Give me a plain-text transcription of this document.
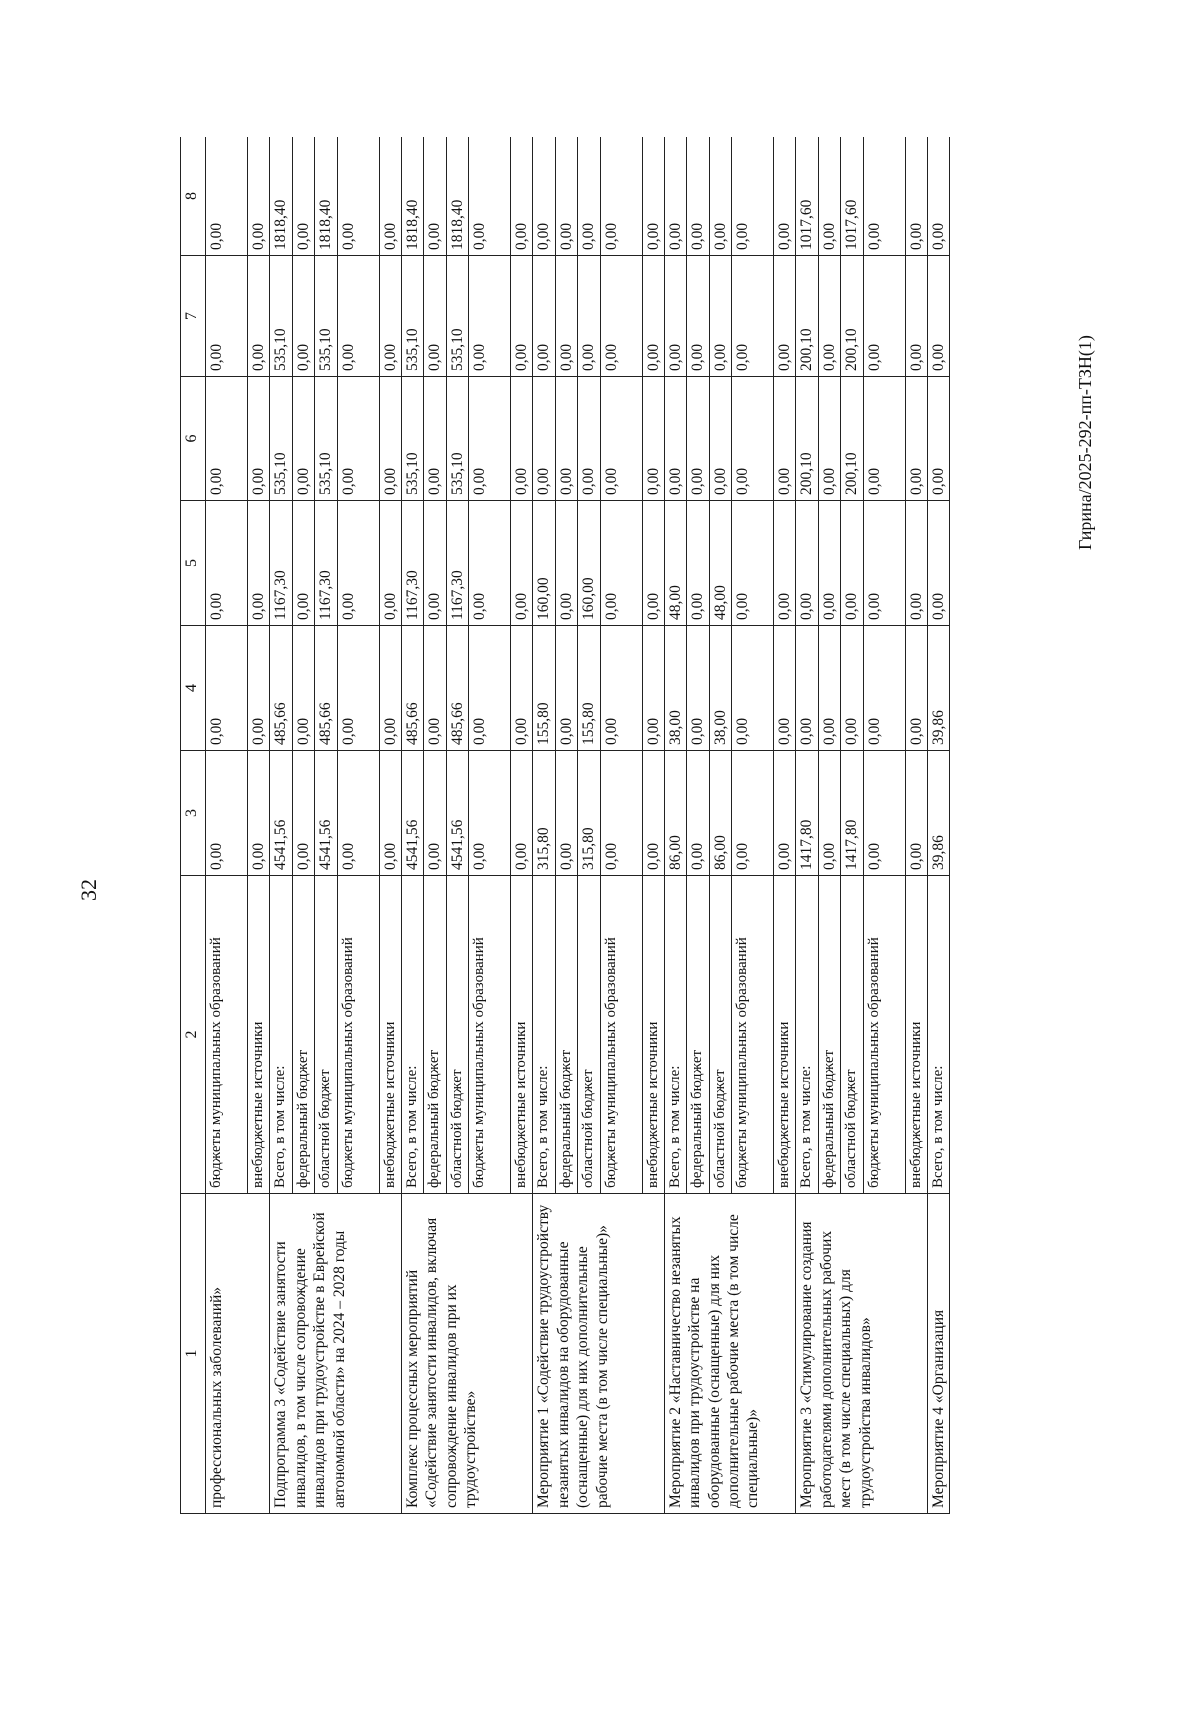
32
1	2	3	4	5	6	7	8
профессиональных заболеваний»	бюджеты муниципальных образований	0,00	0,00	0,00	0,00	0,00	0,00
	внебюджетные источники	0,00	0,00	0,00	0,00	0,00	0,00
Подпрограмма 3 «Содействие занятости инвалидов, в том числе сопровождение инвалидов при трудоустройстве в Еврейской автономной области» на 2024 – 2028 годы	Всего, в том числе:	4541,56	485,66	1167,30	535,10	535,10	1818,40
	федеральный бюджет	0,00	0,00	0,00	0,00	0,00	0,00
	областной бюджет	4541,56	485,66	1167,30	535,10	535,10	1818,40
	бюджеты муниципальных образований	0,00	0,00	0,00	0,00	0,00	0,00
	внебюджетные источники	0,00	0,00	0,00	0,00	0,00	0,00
Комплекс процессных мероприятий «Содействие занятости инвалидов, включая сопровождение инвалидов при их трудоустройстве»	Всего, в том числе:	4541,56	485,66	1167,30	535,10	535,10	1818,40
	федеральный бюджет	0,00	0,00	0,00	0,00	0,00	0,00
	областной бюджет	4541,56	485,66	1167,30	535,10	535,10	1818,40
	бюджеты муниципальных образований	0,00	0,00	0,00	0,00	0,00	0,00
	внебюджетные источники	0,00	0,00	0,00	0,00	0,00	0,00
Мероприятие 1 «Содействие трудоустройству незанятых инвалидов на оборудованные (оснащенные) для них дополнительные рабочие места (в том числе специальные)»	Всего, в том числе:	315,80	155,80	160,00	0,00	0,00	0,00
	федеральный бюджет	0,00	0,00	0,00	0,00	0,00	0,00
	областной бюджет	315,80	155,80	160,00	0,00	0,00	0,00
	бюджеты муниципальных образований	0,00	0,00	0,00	0,00	0,00	0,00
	внебюджетные источники	0,00	0,00	0,00	0,00	0,00	0,00
Мероприятие 2 «Наставничество незанятых инвалидов при трудоустройстве на оборудованные (оснащенные) для них дополнительные рабочие места (в том числе специальные)»	Всего, в том числе:	86,00	38,00	48,00	0,00	0,00	0,00
	федеральный бюджет	0,00	0,00	0,00	0,00	0,00	0,00
	областной бюджет	86,00	38,00	48,00	0,00	0,00	0,00
	бюджеты муниципальных образований	0,00	0,00	0,00	0,00	0,00	0,00
	внебюджетные источники	0,00	0,00	0,00	0,00	0,00	0,00
Мероприятие 3 «Стимулирование создания работодателями дополнительных рабочих мест (в том числе специальных) для трудоустройства инвалидов»	Всего, в том числе:	1417,80	0,00	0,00	200,10	200,10	1017,60
	федеральный бюджет	0,00	0,00	0,00	0,00	0,00	0,00
	областной бюджет	1417,80	0,00	0,00	200,10	200,10	1017,60
	бюджеты муниципальных образований	0,00	0,00	0,00	0,00	0,00	0,00
	внебюджетные источники	0,00	0,00	0,00	0,00	0,00	0,00
Мероприятие 4 «Организация	Всего, в том числе:	39,86	39,86	0,00	0,00	0,00	0,00
Гирина/2025-292-пп-ТЗН(1)
